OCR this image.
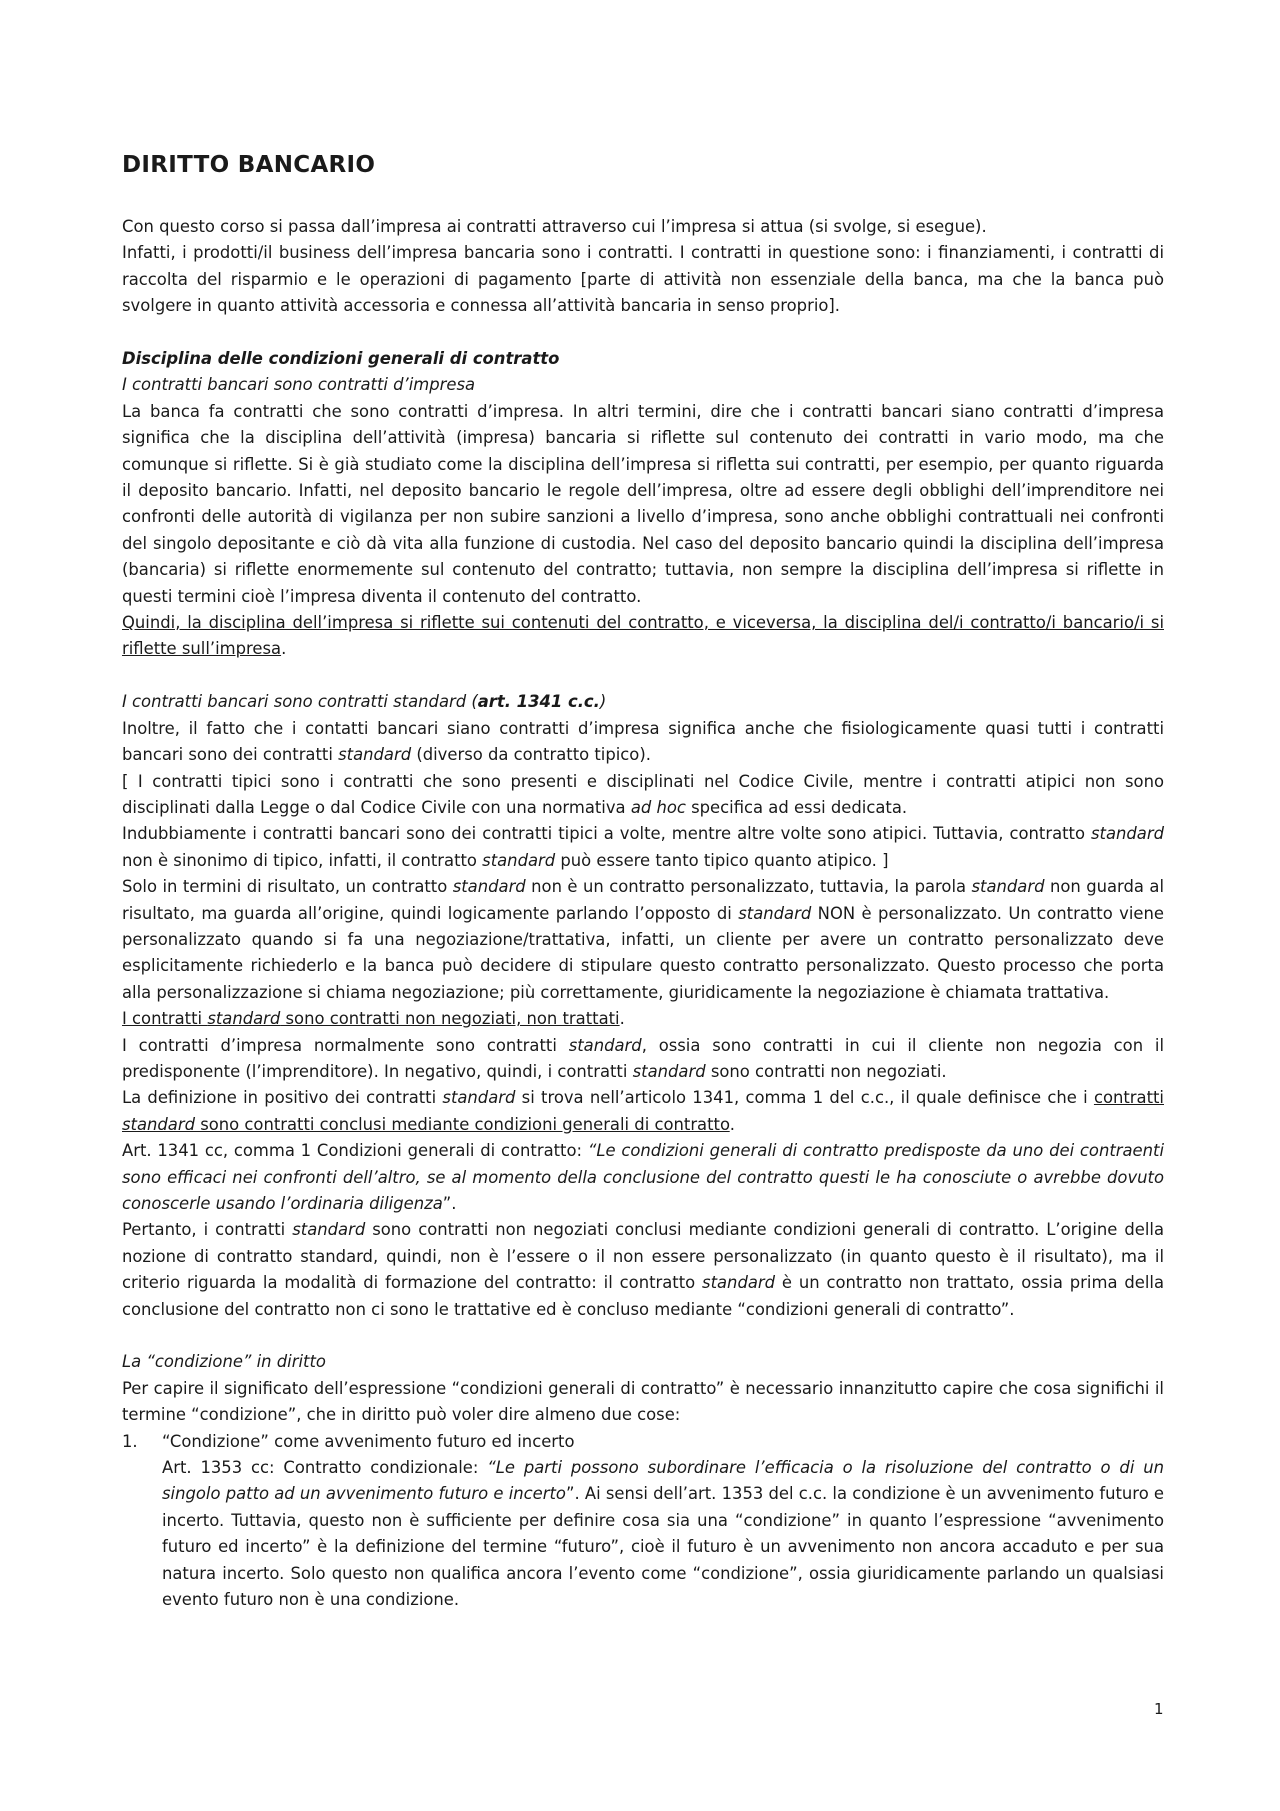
DIRITTO BANCARIO

Con questo corso si passa dall’impresa ai contratti attraverso cui l’impresa si attua (si svolge, si esegue).

Infatti, i prodotti/il business dell’impresa bancaria sono i contratti. I contratti in questione sono: i finanziamenti, i contratti di raccolta del risparmio e le operazioni di pagamento [parte di attività non essenziale della banca, ma che la banca può svolgere in quanto attività accessoria e connessa all’attività bancaria in senso proprio].

Disciplina delle condizioni generali di contratto

I contratti bancari sono contratti d’impresa

La banca fa contratti che sono contratti d’impresa. In altri termini, dire che i contratti bancari siano contratti d’impresa significa che la disciplina dell’attività (impresa) bancaria si riflette sul contenuto dei contratti in vario modo, ma che comunque si riflette. Si è già studiato come la disciplina dell’impresa si rifletta sui contratti, per esempio, per quanto riguarda il deposito bancario. Infatti, nel deposito bancario le regole dell’impresa, oltre ad essere degli obblighi dell’imprenditore nei confronti delle autorità di vigilanza per non subire sanzioni a livello d’impresa, sono anche obblighi contrattuali nei confronti del singolo depositante e ciò dà vita alla funzione di custodia. Nel caso del deposito bancario quindi la disciplina dell’impresa (bancaria) si riflette enormemente sul contenuto del contratto; tuttavia, non sempre la disciplina dell’impresa si riflette in questi termini cioè l’impresa diventa il contenuto del contratto.

Quindi, la disciplina dell’impresa si riflette sui contenuti del contratto, e viceversa, la disciplina del/i contratto/i bancario/i si riflette sull’impresa.

I contratti bancari sono contratti standard (art. 1341 c.c.)

Inoltre, il fatto che i contatti bancari siano contratti d’impresa significa anche che fisiologicamente quasi tutti i contratti bancari sono dei contratti standard (diverso da contratto tipico).

[ I contratti tipici sono i contratti che sono presenti e disciplinati nel Codice Civile, mentre i contratti atipici non sono disciplinati dalla Legge o dal Codice Civile con una normativa ad hoc specifica ad essi dedicata.

Indubbiamente i contratti bancari sono dei contratti tipici a volte, mentre altre volte sono atipici. Tuttavia, contratto standard non è sinonimo di tipico, infatti, il contratto standard può essere tanto tipico quanto atipico. ]

Solo in termini di risultato, un contratto standard non è un contratto personalizzato, tuttavia, la parola standard non guarda al risultato, ma guarda all’origine, quindi logicamente parlando l’opposto di standard NON è personalizzato. Un contratto viene personalizzato quando si fa una negoziazione/trattativa, infatti, un cliente per avere un contratto personalizzato deve esplicitamente richiederlo e la banca può decidere di stipulare questo contratto personalizzato. Questo processo che porta alla personalizzazione si chiama negoziazione; più correttamente, giuridicamente la negoziazione è chiamata trattativa.

I contratti standard sono contratti non negoziati, non trattati.

I contratti d’impresa normalmente sono contratti standard, ossia sono contratti in cui il cliente non negozia con il predisponente (l’imprenditore). In negativo, quindi, i contratti standard sono contratti non negoziati.

La definizione in positivo dei contratti standard si trova nell’articolo 1341, comma 1 del c.c., il quale definisce che i contratti standard sono contratti conclusi mediante condizioni generali di contratto.

Art. 1341 cc, comma 1 Condizioni generali di contratto: “Le condizioni generali di contratto predisposte da uno dei contraenti sono efficaci nei confronti dell’altro, se al momento della conclusione del contratto questi le ha conosciute o avrebbe dovuto conoscerle usando l’ordinaria diligenza”.

Pertanto, i contratti standard sono contratti non negoziati conclusi mediante condizioni generali di contratto. L’origine della nozione di contratto standard, quindi, non è l’essere o il non essere personalizzato (in quanto questo è il risultato), ma il criterio riguarda la modalità di formazione del contratto: il contratto standard è un contratto non trattato, ossia prima della conclusione del contratto non ci sono le trattative ed è concluso mediante “condizioni generali di contratto”.

La “condizione” in diritto

Per capire il significato dell’espressione “condizioni generali di contratto” è necessario innanzitutto capire che cosa significhi il termine “condizione”, che in diritto può voler dire almeno due cose:

1. “Condizione” come avvenimento futuro ed incerto

Art. 1353 cc: Contratto condizionale: “Le parti possono subordinare l’efficacia o la risoluzione del contratto o di un singolo patto ad un avvenimento futuro e incerto”. Ai sensi dell’art. 1353 del c.c. la condizione è un avvenimento futuro e incerto. Tuttavia, questo non è sufficiente per definire cosa sia una “condizione” in quanto l’espressione “avvenimento futuro ed incerto” è la definizione del termine “futuro”, cioè il futuro è un avvenimento non ancora accaduto e per sua natura incerto. Solo questo non qualifica ancora l’evento come “condizione”, ossia giuridicamente parlando un qualsiasi evento futuro non è una condizione.

1
